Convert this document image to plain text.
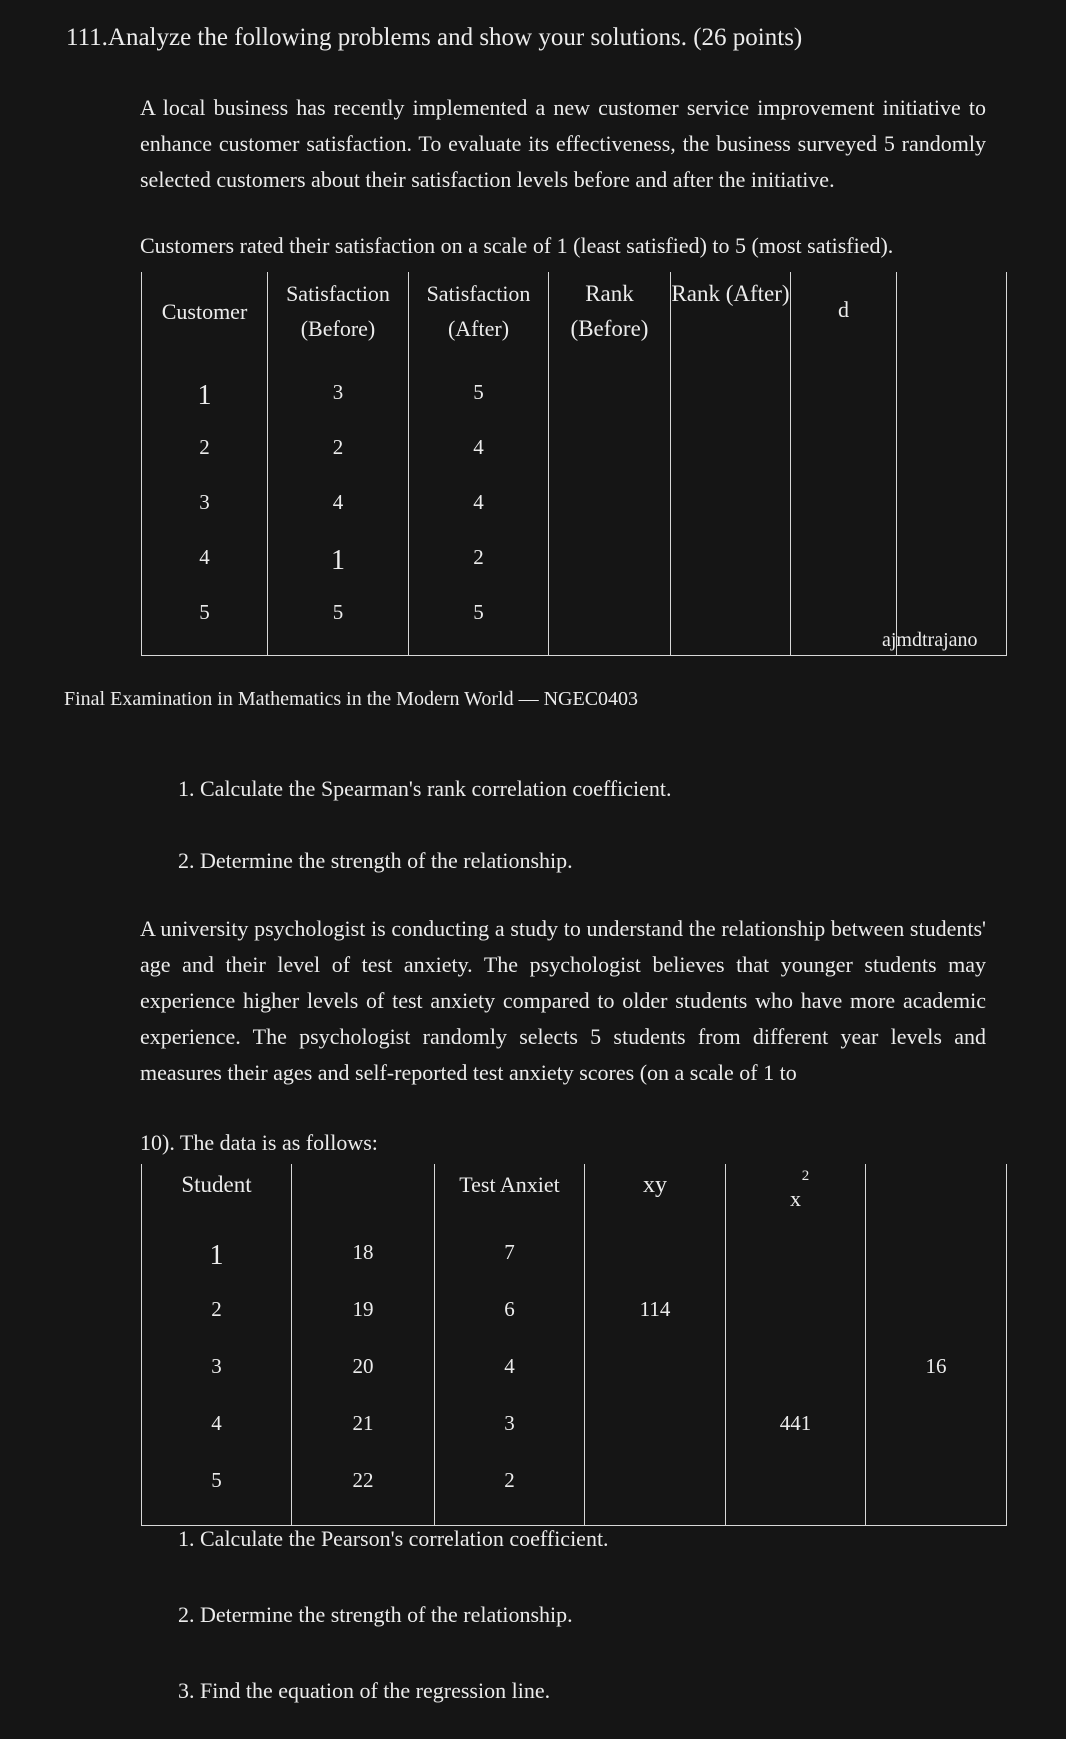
111.Analyze the following problems and show your solutions. (26 points)
A local business has recently implemented a new customer service improvement initiative to enhance customer satisfaction. To evaluate its effectiveness, the business surveyed 5 randomly selected customers about their satisfaction levels before and after the initiative.
Customers rated their satisfaction on a scale of 1 (least satisfied) to 5 (most satisfied).
Customer	Satisfaction (Before)	Satisfaction (After)	Rank (Before)	Rank (After)	d	
1	3	5				
2	2	4				
3	4	4				
4	1	2				
5	5	5				
ajmdtrajano
Final Examination in Mathematics in the Modern World — NGEC0403
1. Calculate the Spearman's rank correlation coefficient.
2. Determine the strength of the relationship.
A university psychologist is conducting a study to understand the relationship between students' age and their level of test anxiety. The psychologist believes that younger students may experience higher levels of test anxiety compared to older students who have more academic experience. The psychologist randomly selects 5 students from different year levels and measures their ages and self-reported test anxiety scores (on a scale of 1 to
10). The data is as follows:
Student		Test Anxiet	xy	2
x	
1	18	7			
2	19	6	114		
3	20	4			16
4	21	3		441	
5	22	2			
1. Calculate the Pearson's correlation coefficient.
2. Determine the strength of the relationship.
3. Find the equation of the regression line.
